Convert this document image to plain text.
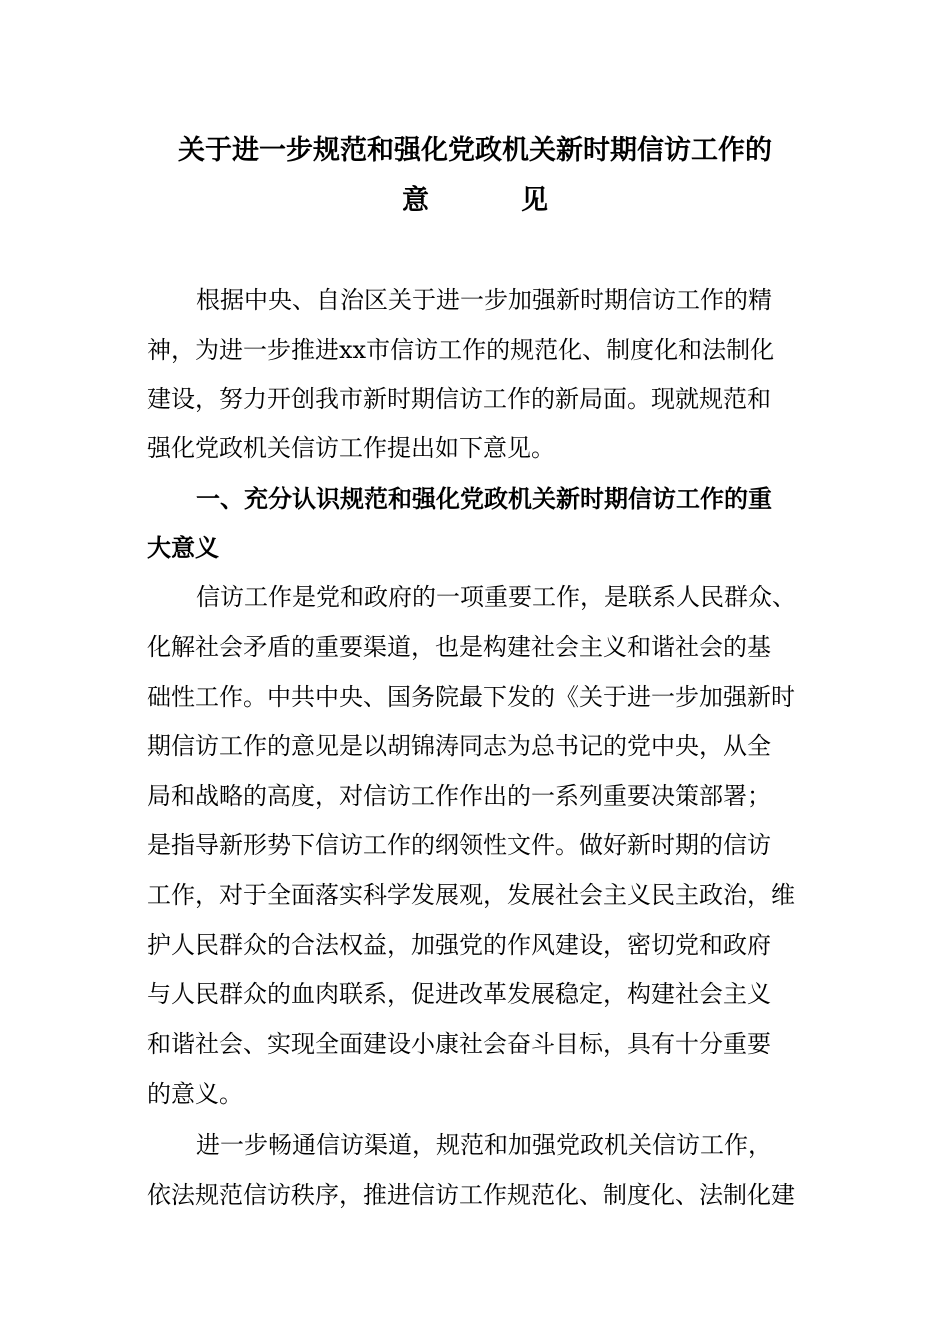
关于进一步规范和强化党政机关新时期信访工作的
意	见
根据中央、自治区关于进一步加强新时期信访工作的精
神，为进一步推进xx市信访工作的规范化、制度化和法制化
建设，努力开创我市新时期信访工作的新局面。现就规范和
强化党政机关信访工作提出如下意见。
一、充分认识规范和强化党政机关新时期信访工作的重
大意义
信访工作是党和政府的一项重要工作，是联系人民群众、
化解社会矛盾的重要渠道，也是构建社会主义和谐社会的基
础性工作。中共中央、国务院最下发的《关于进一步加强新时
期信访工作的意见是以胡锦涛同志为总书记的党中央，从全
局和战略的高度，对信访工作作出的一系列重要决策部署；
是指导新形势下信访工作的纲领性文件。做好新时期的信访
工作，对于全面落实科学发展观，发展社会主义民主政治，维
护人民群众的合法权益，加强党的作风建设，密切党和政府
与人民群众的血肉联系，促进改革发展稳定，构建社会主义
和谐社会、实现全面建设小康社会奋斗目标，具有十分重要
的意义。
进一步畅通信访渠道，规范和加强党政机关信访工作，
依法规范信访秩序，推进信访工作规范化、制度化、法制化建
